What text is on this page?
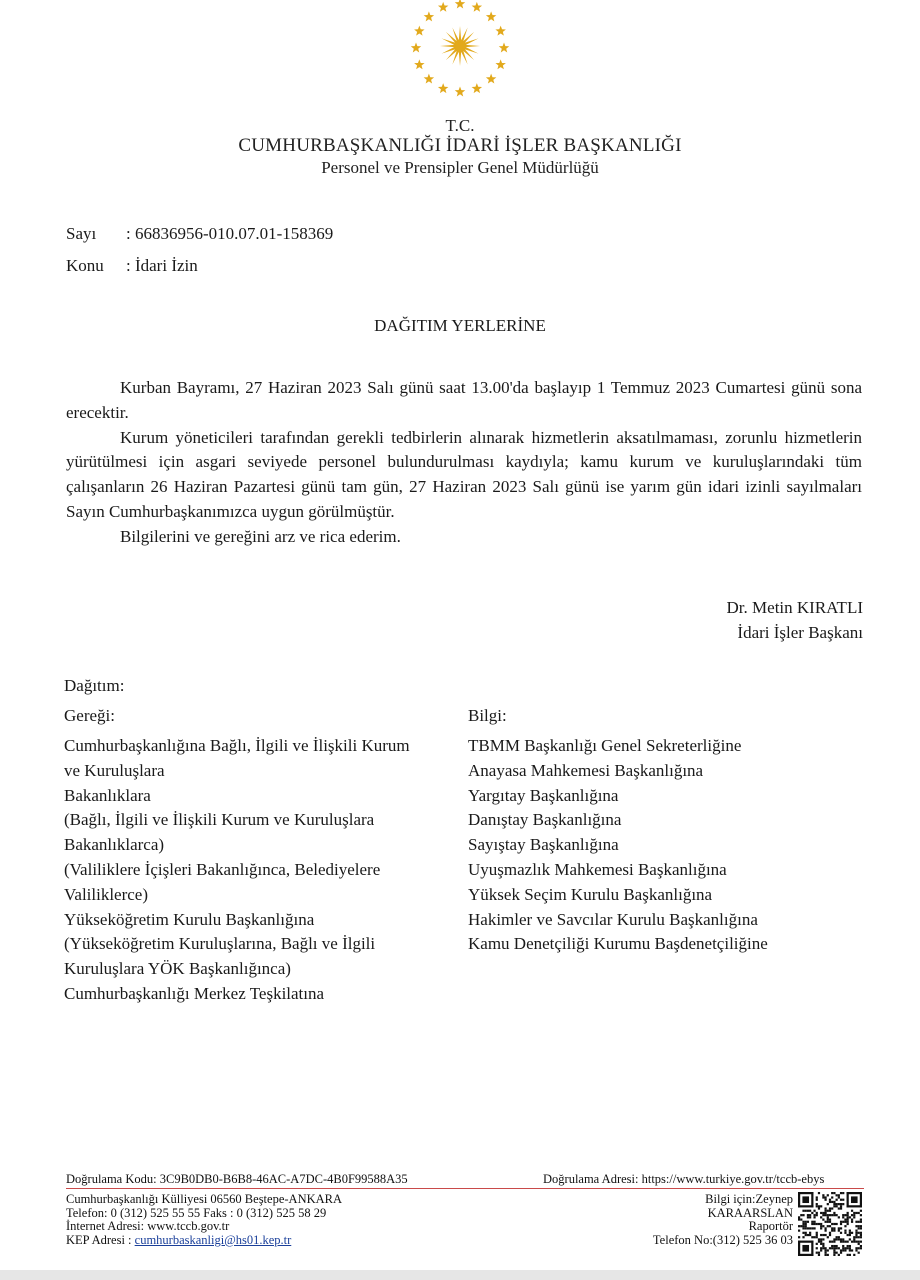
T.C.
CUMHURBAŞKANLIĞI İDARİ İŞLER BAŞKANLIĞI
Personel ve Prensipler Genel Müdürlüğü
Sayı : 66836956-010.07.01-158369
Konu : İdari İzin
DAĞITIM YERLERİNE

Kurban Bayramı, 27 Haziran 2023 Salı günü saat 13.00'da başlayıp 1 Temmuz 2023 Cumartesi günü sona erecektir.

Kurum yöneticileri tarafından gerekli tedbirlerin alınarak hizmetlerin aksatılmaması, zorunlu hizmetlerin yürütülmesi için asgari seviyede personel bulundurulması kaydıyla; kamu kurum ve kuruluşlarındaki tüm çalışanların 26 Haziran Pazartesi günü tam gün, 27 Haziran 2023 Salı günü ise yarım gün idari izinli sayılmaları Sayın Cumhurbaşkanımızca uygun görülmüştür.

Bilgilerini ve gereğini arz ve rica ederim.

Dr. Metin KIRATLI
İdari İşler Başkanı
Dağıtım:
Gereği:	Bilgi:
Cumhurbaşkanlığına Bağlı, İlgili ve İlişkili Kurum
ve Kuruluşlara
Bakanlıklara
(Bağlı, İlgili ve İlişkili Kurum ve Kuruluşlara
Bakanlıklarca)
(Valiliklere İçişleri Bakanlığınca, Belediyelere
Valiliklerce)
Yükseköğretim Kurulu Başkanlığına
(Yükseköğretim Kuruluşlarına, Bağlı ve İlgili
Kuruluşlara YÖK Başkanlığınca)
Cumhurbaşkanlığı Merkez Teşkilatına
TBMM Başkanlığı Genel Sekreterliğine
Anayasa Mahkemesi Başkanlığına
Yargıtay Başkanlığına
Danıştay Başkanlığına
Sayıştay Başkanlığına
Uyuşmazlık Mahkemesi Başkanlığına
Yüksek Seçim Kurulu Başkanlığına
Hakimler ve Savcılar Kurulu Başkanlığına
Kamu Denetçiliği Kurumu Başdenetçiliğine
Doğrulama Kodu: 3C9B0DB0-B6B8-46AC-A7DC-4B0F99588A35	Doğrulama Adresi: https://www.turkiye.gov.tr/tccb-ebys
Cumhurbaşkanlığı Külliyesi 06560 Beştepe-ANKARA
Telefon: 0 (312) 525 55 55 Faks : 0 (312) 525 58 29
İnternet Adresi: www.tccb.gov.tr
KEP Adresi : cumhurbaskanligi@hs01.kep.tr
Bilgi için:Zeynep
KARAARSLAN
Raportör
Telefon No:(312) 525 36 03
